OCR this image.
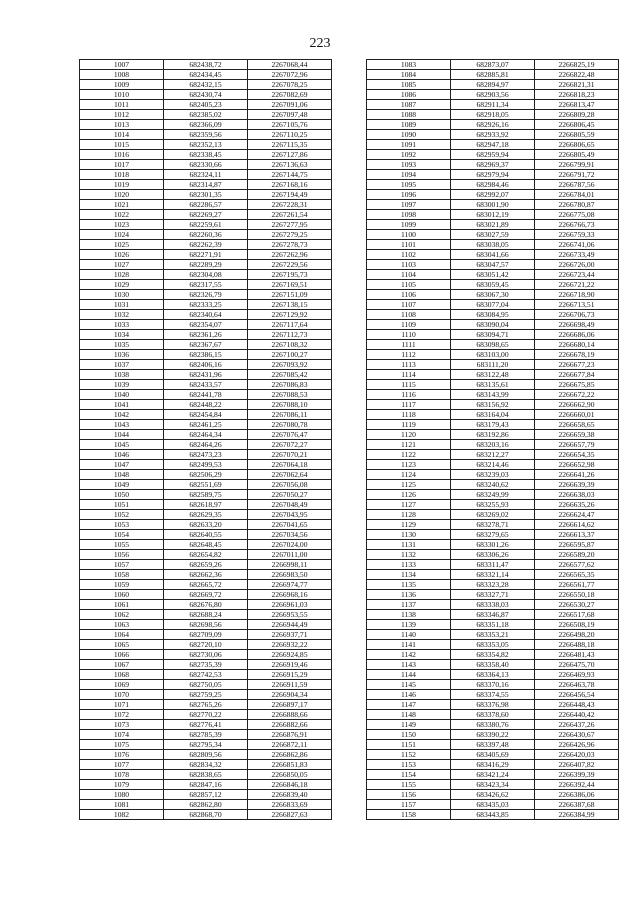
223
1007	682438,72	2267068,44
1008	682434,45	2267072,96
1009	682432,15	2267078,25
1010	682430,74	2267082,69
1011	682405,23	2267091,06
1012	682385,02	2267097,48
1013	682366,09	2267105,76
1014	682359,56	2267110,25
1015	682352,13	2267115,35
1016	682338,45	2267127,86
1017	682330,66	2267136,63
1018	682324,11	2267144,75
1019	682314,87	2267168,16
1020	682301,35	2267194,49
1021	682286,57	2267228,31
1022	682269,27	2267261,54
1023	682259,61	2267277,95
1024	682260,36	2267279,25
1025	682262,39	2267278,73
1026	682271,91	2267262,96
1027	682289,29	2267229,56
1028	682304,08	2267195,73
1029	682317,55	2267169,51
1030	682326,79	2267151,09
1031	682333,25	2267138,15
1032	682340,64	2267129,92
1033	682354,07	2267117,64
1034	682361,26	2267112,73
1035	682367,67	2267108,32
1036	682386,15	2267100,27
1037	682406,16	2267093,92
1038	682431,96	2267085,42
1039	682433,57	2267086,83
1040	682441,78	2267088,53
1041	682448,22	2267088,10
1042	682454,84	2267086,11
1043	682461,25	2267080,78
1044	682464,34	2267076,47
1045	682464,26	2267072,27
1046	682473,23	2267070,21
1047	682499,53	2267064,18
1048	682506,29	2267062,64
1049	682551,69	2267056,08
1050	682589,75	2267050,27
1051	682618,97	2267048,49
1052	682629,35	2267043,95
1053	682633,20	2267041,65
1054	682640,55	2267034,56
1055	682648,45	2267024,00
1056	682654,82	2267011,00
1057	682659,26	2266998,11
1058	682662,36	2266983,50
1059	682665,72	2266974,77
1060	682669,72	2266968,16
1061	682676,80	2266961,03
1062	682688,24	2266953,55
1063	682698,56	2266944,49
1064	682709,09	2266937,71
1065	682720,10	2266932,22
1066	682730,06	2266924,85
1067	682735,39	2266919,46
1068	682742,53	2266915,29
1069	682750,05	2266911,59
1070	682759,25	2266904,34
1071	682765,26	2266897,17
1072	682770,22	2266888,66
1073	682776,41	2266882,66
1074	682785,39	2266876,91
1075	682795,34	2266872,11
1076	682809,56	2266862,86
1077	682834,32	2266851,83
1078	682838,65	2266850,05
1079	682847,16	2266846,18
1080	682857,12	2266839,40
1081	682862,80	2266833,69
1082	682868,70	2266827,63
1083	682873,07	2266825,19
1084	682885,81	2266822,48
1085	682894,97	2266821,31
1086	682903,56	2266818,23
1087	682911,34	2266813,47
1088	682918,05	2266809,28
1089	682926,16	2266806,45
1090	682933,92	2266805,59
1091	682947,18	2266806,65
1092	682959,94	2266805,49
1093	682969,37	2266799,91
1094	682979,94	2266791,72
1095	682984,46	2266787,56
1096	682992,07	2266784,01
1097	683001,90	2266780,87
1098	683012,19	2266775,08
1099	683021,89	2266766,73
1100	683027,59	2266759,33
1101	683038,05	2266741,06
1102	683041,66	2266733,49
1103	683047,57	2266726,00
1104	683051,42	2266723,44
1105	683059,45	2266721,22
1106	683067,30	2266718,90
1107	683077,04	2266713,51
1108	683084,95	2266706,73
1109	683090,04	2266698,49
1110	683094,71	2266686,06
1111	683098,65	2266680,14
1112	683103,00	2266678,19
1113	683111,20	2266677,23
1114	683122,48	2266677,84
1115	683135,61	2266675,85
1116	683143,99	2266672,22
1117	683156,92	2266662,90
1118	683164,04	2266660,01
1119	683179,43	2266658,65
1120	683192,86	2266659,38
1121	683203,16	2266657,79
1122	683212,27	2266654,35
1123	683214,46	2266652,98
1124	683239,03	2266641,26
1125	683240,62	2266639,39
1126	683249,99	2266638,03
1127	683255,93	2266635,26
1128	683269,02	2266624,47
1129	683278,71	2266614,62
1130	683279,65	2266613,37
1131	683301,26	2266595,87
1132	683306,26	2266589,20
1133	683311,47	2266577,62
1134	683321,14	2266565,35
1135	683323,28	2266561,77
1136	683327,71	2266550,18
1137	683338,03	2266530,27
1138	683346,87	2266517,68
1139	683351,18	2266508,19
1140	683353,21	2266498,20
1141	683353,05	2266488,18
1142	683354,82	2266481,43
1143	683358,40	2266475,70
1144	683364,13	2266469,93
1145	683370,16	2266463,78
1146	683374,55	2266456,54
1147	683376,98	2266448,43
1148	683378,60	2266440,42
1149	683380,76	2266437,26
1150	683390,22	2266430,67
1151	683397,48	2266426,96
1152	683405,69	2266420,03
1153	683416,29	2266407,82
1154	683421,24	2266399,39
1155	683423,34	2266392,44
1156	683426,62	2266386,06
1157	683435,03	2266387,68
1158	683443,85	2266384,99
